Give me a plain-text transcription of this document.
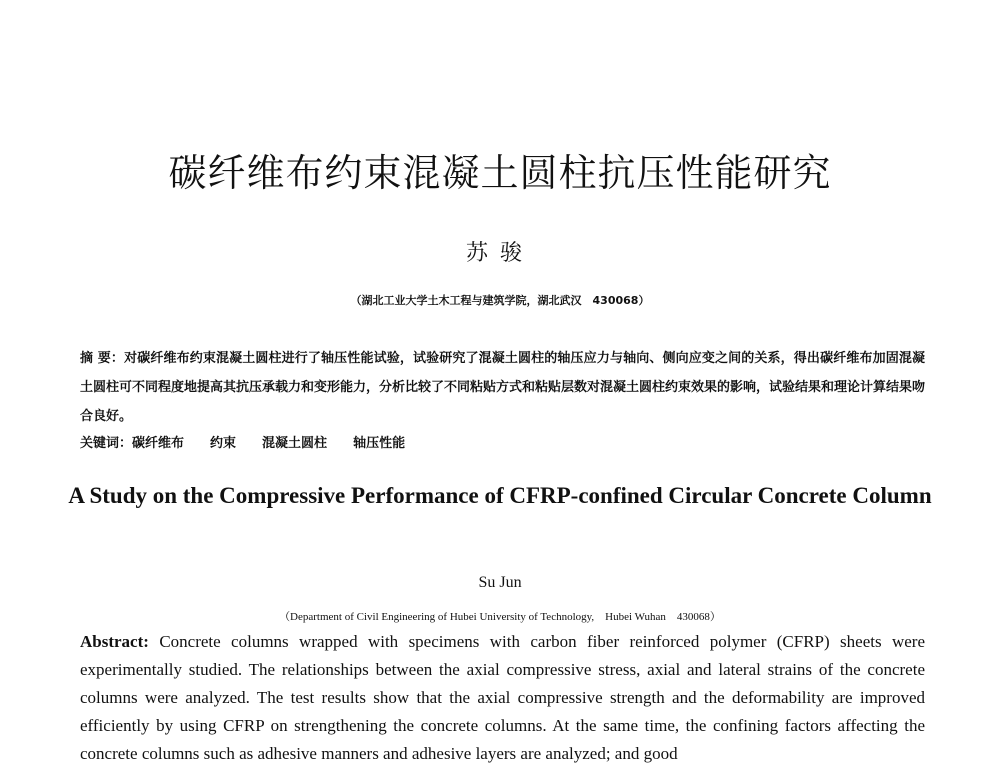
碳纤维布约束混凝土圆柱抗压性能研究
苏骏
（湖北工业大学土木工程与建筑学院，湖北武汉　430068）
摘 要：对碳纤维布约束混凝土圆柱进行了轴压性能试验，试验研究了混凝土圆柱的轴压应力与轴向、侧向应变之间的关系，得出碳纤维布加固混凝土圆柱可不同程度地提高其抗压承载力和变形能力，分析比较了不同粘贴方式和粘贴层数对混凝土圆柱约束效果的影响，试验结果和理论计算结果吻合良好。
关键词：碳纤维布 约束 混凝土圆柱 轴压性能
A Study on the Compressive Performance of CFRP-confined Circular Concrete Column
Su Jun
（Department of Civil Engineering of Hubei University of Technology,　Hubei Wuhan　430068）
Abstract: Concrete columns wrapped with specimens with carbon fiber reinforced polymer (CFRP) sheets were experimentally studied. The relationships between the axial compressive stress, axial and lateral strains of the concrete columns were analyzed. The test results show that the axial compressive strength and the deformability are improved efficiently by using CFRP on strengthening the concrete columns. At the same time, the confining factors affecting the concrete columns such as adhesive manners and adhesive layers are analyzed; and good
